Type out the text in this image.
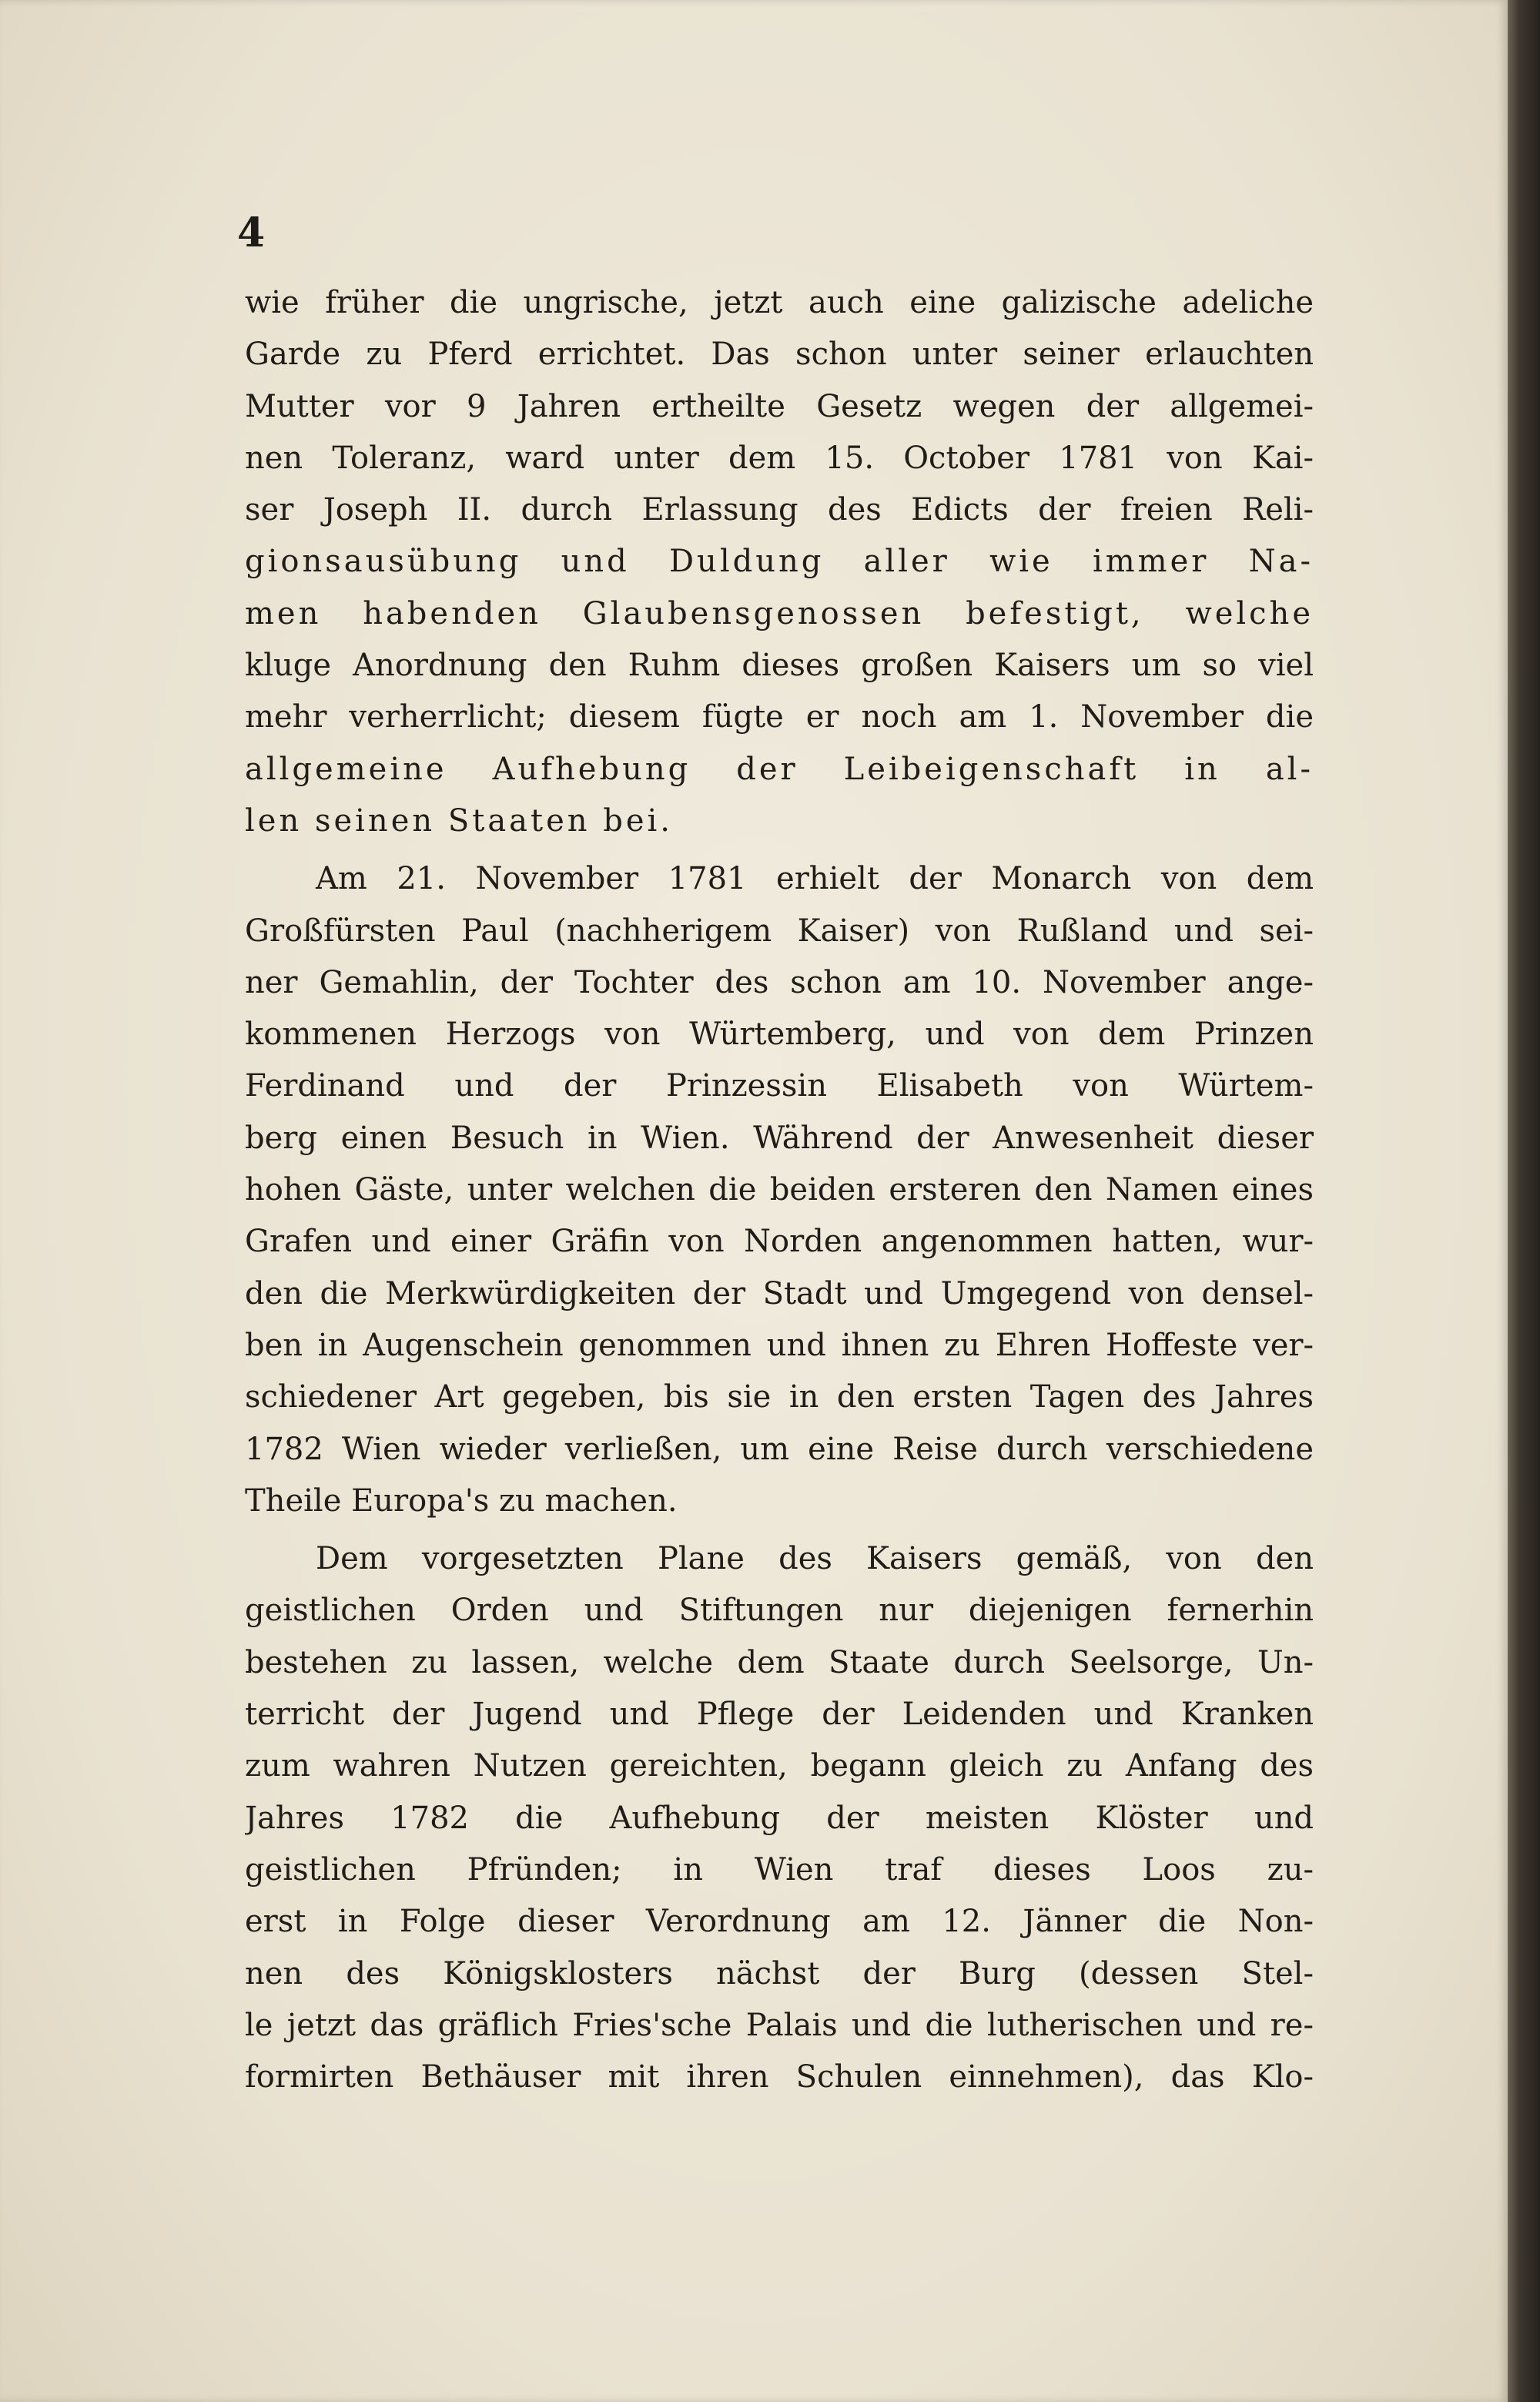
4
wie früher die ungrische, jetzt auch eine galizische adeliche
Garde zu Pferd errichtet. Das schon unter seiner erlauchten
Mutter vor 9 Jahren ertheilte Gesetz wegen der allgemei-
nen Toleranz, ward unter dem 15. October 1781 von Kai-
ser Joseph II. durch Erlassung des Edicts der freien Reli-
gionsausübung und Duldung aller wie immer Na-
men habenden Glaubensgenossen befestigt, welche
kluge Anordnung den Ruhm dieses großen Kaisers um so viel
mehr verherrlicht; diesem fügte er noch am 1. November die
allgemeine Aufhebung der Leibeigenschaft in al-
len seinen Staaten bei.
Am 21. November 1781 erhielt der Monarch von dem
Großfürsten Paul (nachherigem Kaiser) von Rußland und sei-
ner Gemahlin, der Tochter des schon am 10. November ange-
kommenen Herzogs von Würtemberg, und von dem Prinzen
Ferdinand und der Prinzessin Elisabeth von Würtem-
berg einen Besuch in Wien. Während der Anwesenheit dieser
hohen Gäste, unter welchen die beiden ersteren den Namen eines
Grafen und einer Gräfin von Norden angenommen hatten, wur-
den die Merkwürdigkeiten der Stadt und Umgegend von densel-
ben in Augenschein genommen und ihnen zu Ehren Hoffeste ver-
schiedener Art gegeben, bis sie in den ersten Tagen des Jahres
1782 Wien wieder verließen, um eine Reise durch verschiedene
Theile Europa's zu machen.
Dem vorgesetzten Plane des Kaisers gemäß, von den
geistlichen Orden und Stiftungen nur diejenigen fernerhin
bestehen zu lassen, welche dem Staate durch Seelsorge, Un-
terricht der Jugend und Pflege der Leidenden und Kranken
zum wahren Nutzen gereichten, begann gleich zu Anfang des
Jahres 1782 die Aufhebung der meisten Klöster und
geistlichen Pfründen; in Wien traf dieses Loos zu-
erst in Folge dieser Verordnung am 12. Jänner die Non-
nen des Königsklosters nächst der Burg (dessen Stel-
le jetzt das gräflich Fries'sche Palais und die lutherischen und re-
formirten Bethäuser mit ihren Schulen einnehmen), das Klo-
